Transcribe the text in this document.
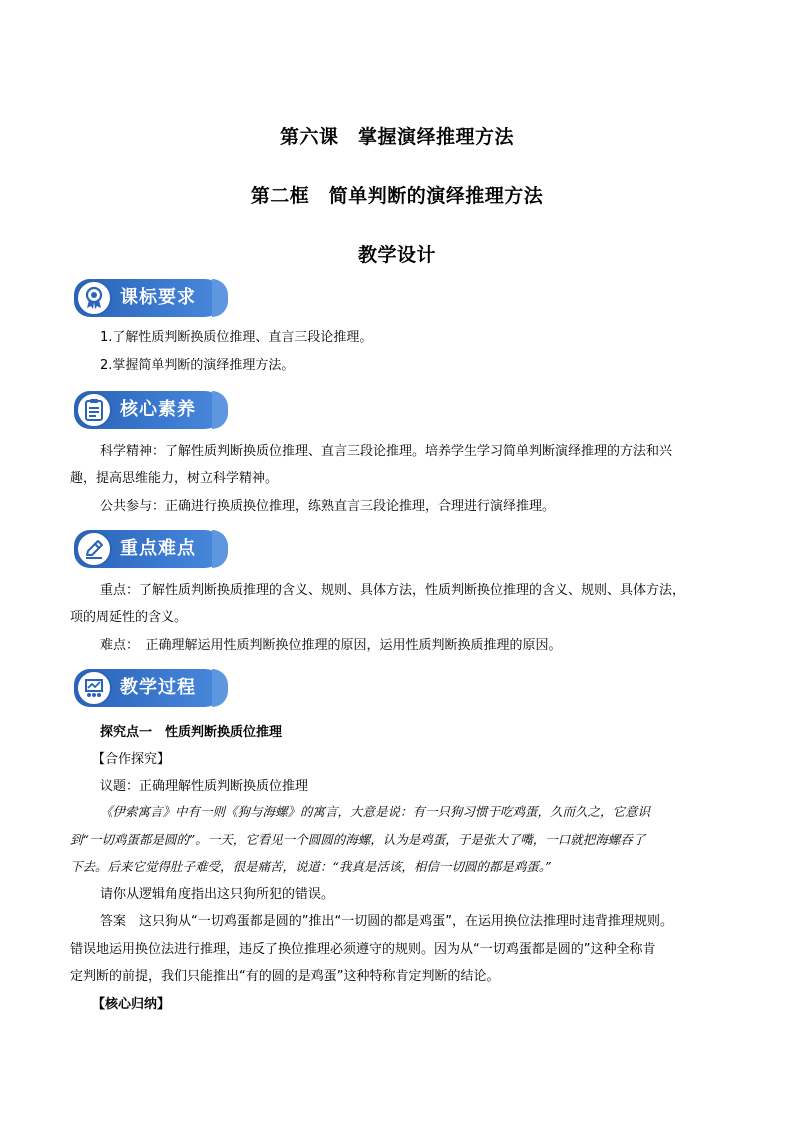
第六课　掌握演绎推理方法
第二框　简单判断的演绎推理方法
教学设计
课标要求
1.了解性质判断换质位推理、直言三段论推理。
2.掌握简单判断的演绎推理方法。
核心素养
科学精神：了解性质判断换质位推理、直言三段论推理。培养学生学习简单判断演绎推理的方法和兴
趣，提高思维能力，树立科学精神。
公共参与：正确进行换质换位推理，练熟直言三段论推理，合理进行演绎推理。
重点难点
重点：了解性质判断换质推理的含义、规则、具体方法，性质判断换位推理的含义、规则、具体方法，
项的周延性的含义。
难点：　正确理解运用性质判断换位推理的原因，运用性质判断换质推理的原因。
教学过程
探究点一　性质判断换质位推理
【合作探究】
议题：正确理解性质判断换质位推理
《伊索寓言》中有一则《狗与海螺》的寓言，大意是说：有一只狗习惯于吃鸡蛋，久而久之，它意识
到“一切鸡蛋都是圆的”。一天，它看见一个圆圆的海螺，认为是鸡蛋，于是张大了嘴，一口就把海螺吞了
下去。后来它觉得肚子难受，很是痛苦，说道：“我真是活该，相信一切圆的都是鸡蛋。”
请你从逻辑角度指出这只狗所犯的错误。
答案　这只狗从“一切鸡蛋都是圆的”推出“一切圆的都是鸡蛋”，在运用换位法推理时违背推理规则。
错误地运用换位法进行推理，违反了换位推理必须遵守的规则。因为从“一切鸡蛋都是圆的”这种全称肯
定判断的前提，我们只能推出“有的圆的是鸡蛋”这种特称肯定判断的结论。
【核心归纳】
